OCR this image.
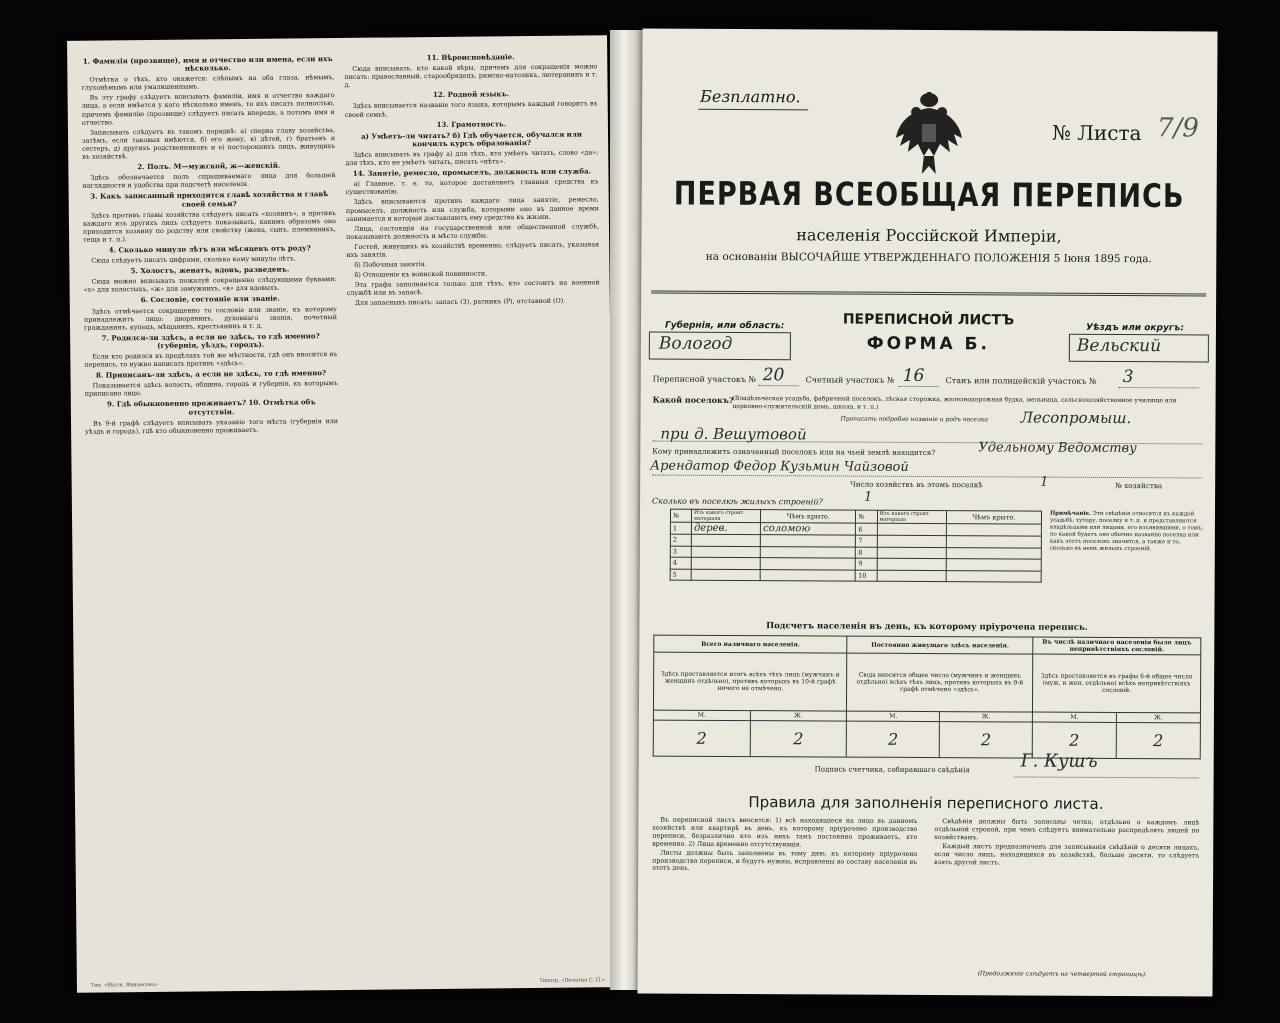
1. Фамилія (прозвище), имя и отчество или имена, если ихъ нѣсколько.

Отмѣтка о тѣхъ, кто окажется: слѣпымъ на оба глаза, нѣмымъ, глухонѣмымъ или умалишеннымъ.

Въ эту графу слѣдуетъ вписывать фамиліи, имя и отчество каждаго лица, а если имѣется у кого нѣсколько именъ, то ихъ писать полностью, причемъ фамилію (прозвище) слѣдуетъ писать впереди, а потомъ имя и отчество.

Записывать слѣдуетъ въ такомъ порядкѣ: а) сперва главу хозяйства, затѣмъ, если таковыя имѣются, б) его жену, в) дѣтей, г) братьевъ и сестеръ, д) другихъ родственниковъ и е) постороннихъ лицъ, живущихъ въ хозяйствѣ.

2. Полъ. М—мужской, ж—женскій.

Здѣсь обозначается полъ спрашиваемаго лица для большей наглядности и удобства при подсчетѣ населенія.

3. Какъ записанный приходится главѣ хозяйства и главѣ своей семьи?

Здѣсь противъ главы хозяйства слѣдуетъ писать «хозяинъ», а противъ каждаго изъ другихъ лицъ слѣдуетъ показывать, какимъ образомъ оно приходится хозяину по родству или свойству (жена, сынъ, племянникъ, теща и т. п.).

4. Сколько минуло лѣтъ или мѣсяцевъ отъ роду?

Сюда слѣдуетъ писать цифрами, сколько кому минуло лѣтъ.

5. Холостъ, женатъ, вдовъ, разведенъ.

Сюда можно вписывать пожалуй сокращенно слѣдующими буквами: «х» для холостыхъ, «ж» для замужнихъ, «в» для вдовыхъ.

6. Сословіе, состояніе или званіе.

Здѣсь отмѣчается сокращенно то сословіе или званіе, къ которому принадлежитъ лицо: дворянинъ, духовнаго званія, почетный гражданинъ, купецъ, мѣщанинъ, крестьянинъ и т. д.

7. Родился-ли здѣсь, а если не здѣсь, то гдѣ именно? (губернія, уѣздъ, городъ).

Если кто родился въ предѣлахъ той же мѣстности, гдѣ онъ вносится въ перепись, то нужно написать противъ «здѣсь».

8. Приписанъ-ли здѣсь, а если не здѣсь, то гдѣ именно?

Показывается здѣсь волость, община, городъ и губернія, къ которымъ приписано лицо.

9. Гдѣ обыкновенно проживаетъ? 10. Отмѣтка объ отсутствіи.

Въ 9-й графѣ слѣдуетъ вписывать указаніе того мѣста (губернія или уѣздъ и городъ), гдѣ кто обыкновенно проживаетъ.

11. Вѣроисповѣданіе.

Сюда вписывать, кто какой вѣры, причемъ для сокращенія можно писать: православный, старообрядецъ, римско-католикъ, лютеранинъ и т. д.

12. Родной языкъ.

Здѣсь вписывается названіе того языка, которымъ каждый говоритъ въ своей семьѣ.

13. Грамотность.
а) Умѣетъ-ли читать? б) Гдѣ обучается, обучался или кончилъ курсъ образованія?

Здѣсь вписывать въ графу а) для тѣхъ, кто умѣетъ читать, слово «да»; для тѣхъ, кто не умѣетъ читать, писать «нѣтъ».

14. Занятіе, ремесло, промыселъ, должность или служба.

а) Главное, т. е. то, которое доставляетъ главныя средства къ существованію.

Здѣсь вписываются противъ каждаго лица занятіе, ремесло, промыселъ, должность или служба, которыми оно въ данное время занимается и которыя доставляютъ ему средства къ жизни.

Лица, состоящія на государственной или общественной службѣ, показываютъ должность и мѣсто службы.

Гостей, живущихъ въ хозяйствѣ временно, слѣдуетъ писать, указывая ихъ занятія.

б) Побочныя занятія.

б) Отношеніе къ воинской повинности.

Эта графа заполняется только для тѣхъ, кто состоитъ на военной службѣ или въ запасѣ.

Для запасныхъ писать: запасъ (З), ратникъ (Р), отставной (О).

Тип. «Вѣстн. Финансовъ»
Типогр. «Печатня С. П.»
Безплатно.
№ Листа 7/9
ПЕРВАЯ ВСЕОБЩАЯ ПЕРЕПИСЬ
населенія Россійской Имперіи,
на основаніи ВЫСОЧАЙШЕ УТВЕРЖДЕННАГО ПОЛОЖЕНІЯ 5 Іюня 1895 года.
Губернія, или область:
Вологод
ПЕРЕПИСНОЙ ЛИСТЪ
ФОРМА Б.
Уѣздъ или округъ:
Вельский
Переписной участокъ № 20	Счетный участокъ № 16	Станъ или полицейскій участокъ № 3
Какой поселокъ?
(Владѣльческая усадьба, фабричный поселокъ, лѣсная сторожка, железнодорожная будка, мельница, сельскохозяйственное училище или церковно-служительскій домъ, школа, и т. п.)
Прописать подробно названіе и родъ поселка Лесопромыш.
при д. Вешутовой
Кому принадлежитъ означенный поселокъ или на чьей землѣ находится?	Удельному Ведомству
Арендатор Федор Кузьмин Чайзовой
Число хозяйствъ въ этомъ поселкѣ	1	№ хозяйства
Сколько въ поселкѣ жилыхъ строеній?	1
№	Изъ какого строит. матеріала	Чѣмъ крыто.	№	Изъ какого строит. матеріала	Чѣмъ крыто.
1	дерев.	соломою	6		
2			7		
3			8		
4			9		
5			10		
Примѣчаніе. Эти свѣдѣнія относятся къ каждой усадьбѣ, хутору, поселку и т. п. и представляются владѣльцами или лицами, его изъявившими, о томъ, по какой будетъ оно обычно названію поселка или какъ этотъ поселокъ значится, а также и то, сколько въ немъ жилыхъ строеній.
Подсчетъ населенія въ день, къ которому пріурочена перепись.
Всего наличнаго населенія.		Постоянно живущаго здѣсь населенія.		Въ числѣ наличнаго населенія было лицъ непривѣтствіяхъ сословій.	
Здѣсь проставляется итогъ всѣхъ тѣхъ лицъ (мужчинъ и женщинъ отдѣльно), противъ которыхъ въ 10-й графѣ ничего не отмѣчено.		Сюда вносится общее число (мужчинъ и женщинъ отдѣльно) всѣхъ тѣхъ лицъ, противъ которыхъ въ 9-й графѣ отмѣчено «здѣсь».		Здѣсь проставляется въ графы 6-й общее число (муж. и жен. отдѣльно) всѣхъ непривѣтствіяхъ сословій.	
М.	Ж.	М.	Ж.	М.	Ж.
2	2	2	2	2	2
Подпись счетчика, собиравшаго свѣдѣнія	Г. Кушъ
Правила для заполненія переписного листа.

Въ переписной листъ вносятся: 1) всѣ находящіеся на лицо въ данномъ хозяйствѣ или квартирѣ въ день, къ которому пріурочено производство переписи, безразлично кто изъ нихъ тамъ постоянно проживаетъ, кто временно. 2) Лица временно отсутствующія.

Листы должны быть заполнены въ тому дню, къ которому пріурочено производство переписи, и будутъ нужны, исправлены во составу населенія въ этотъ день.

Свѣдѣнія должны быть записаны четко, отдѣльно о каждомъ лицѣ отдѣльной строкой, при чемъ слѣдуетъ внимательно распредѣлять людей по хозяйствамъ.

Каждый листъ предназначенъ для записыванія свѣдѣній о десяти лицахъ, если число лицъ, находящихся въ хозяйствѣ, больше десяти, то слѣдуетъ взять другой листъ.

(Продолженіе слѣдуетъ на четвертой страницѣ).
